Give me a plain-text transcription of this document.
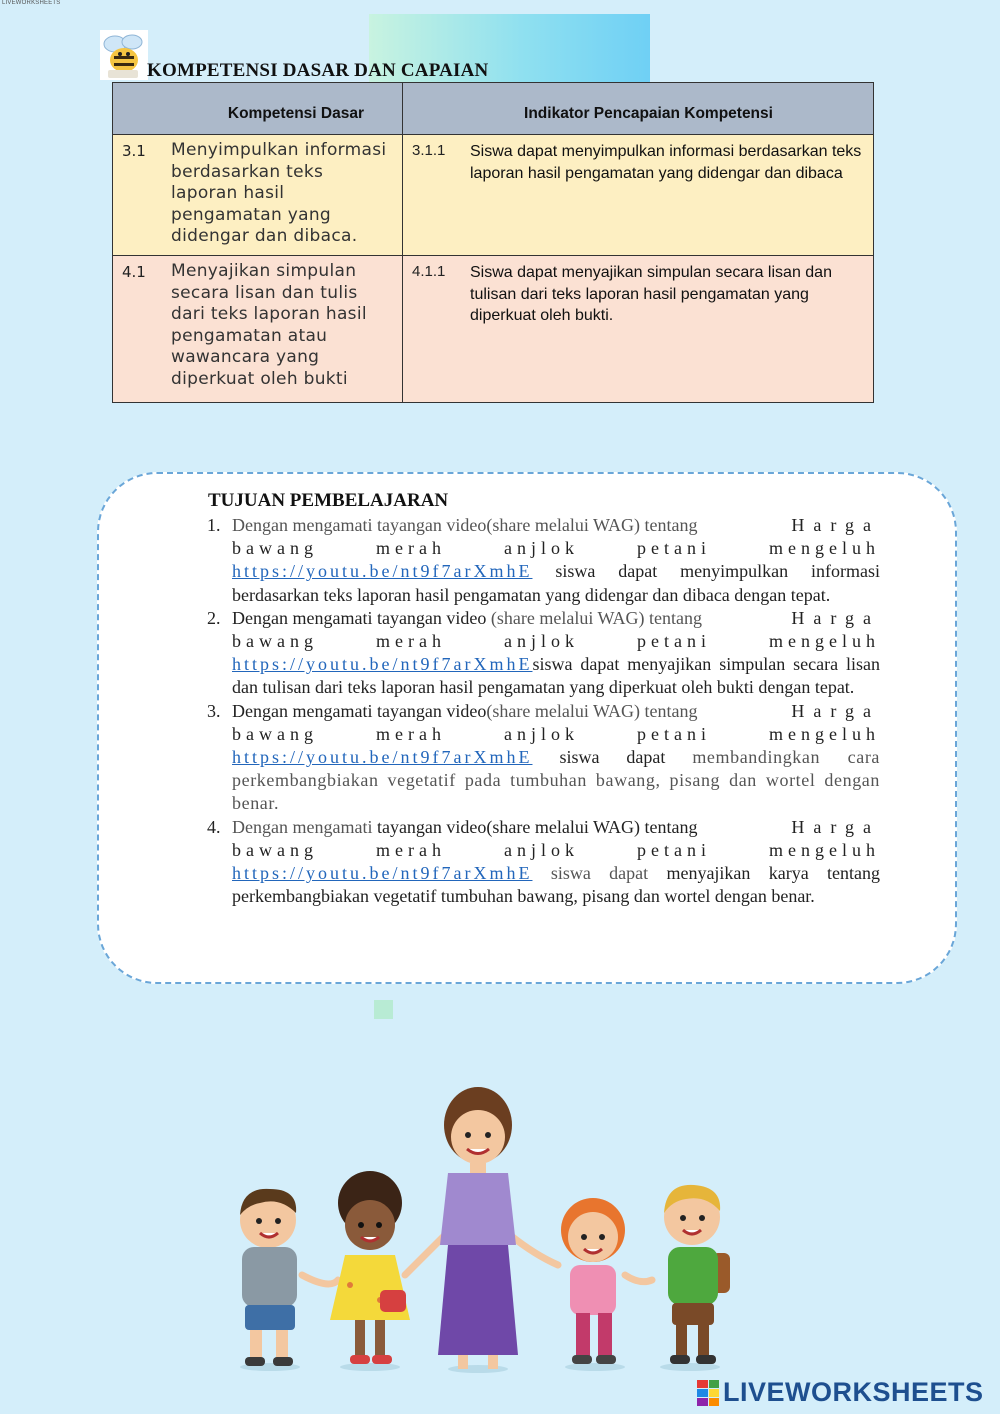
LIVEWORKSHEETS
KOMPETENSI DASAR DAN CAPAIAN
Kompetensi Dasar	Indikator Pencapaian Kompetensi

3.1 Menyimpulkan informasi berdasarkan teks laporan hasil pengamatan yang didengar dan dibaca.	3.1.1 Siswa dapat menyimpulkan informasi berdasarkan teks laporan hasil pengamatan yang didengar dan dibaca

4.1 Menyajikan simpulan secara lisan dan tulis dari teks laporan hasil pengamatan atau wawancara yang diperkuat oleh bukti	4.1.1 Siswa dapat menyajikan simpulan secara lisan dan tulisan dari teks laporan hasil pengamatan yang diperkuat oleh bukti.
TUJUAN PEMBELAJARAN
1. Dengan mengamati tayangan video(share melalui WAG) tentang	Harga
bawang	merah	anjlok	petani	mengeluh
https://youtu.be/nt9f7arXmhE siswa dapat menyimpulkan informasi berdasarkan teks laporan hasil pengamatan yang didengar dan dibaca dengan tepat.
2. Dengan mengamati tayangan video (share melalui WAG) tentang	Harga
bawang	merah	anjlok	petani	mengeluh
https://youtu.be/nt9f7arXmhEsiswa dapat menyajikan simpulan secara lisan dan tulisan dari teks laporan hasil pengamatan yang diperkuat oleh bukti dengan tepat.
3. Dengan mengamati tayangan video(share melalui WAG) tentang	Harga
bawang	merah	anjlok	petani	mengeluh
https://youtu.be/nt9f7arXmhE siswa dapat membandingkan cara perkembangbiakan vegetatif pada tumbuhan bawang, pisang dan wortel dengan benar.
4. Dengan mengamati tayangan video(share melalui WAG) tentang	Harga
bawang	merah	anjlok	petani	mengeluh
https://youtu.be/nt9f7arXmhE siswa dapat menyajikan karya tentang perkembangbiakan vegetatif tumbuhan bawang, pisang dan wortel dengan benar.
LIVEWORKSHEETS
